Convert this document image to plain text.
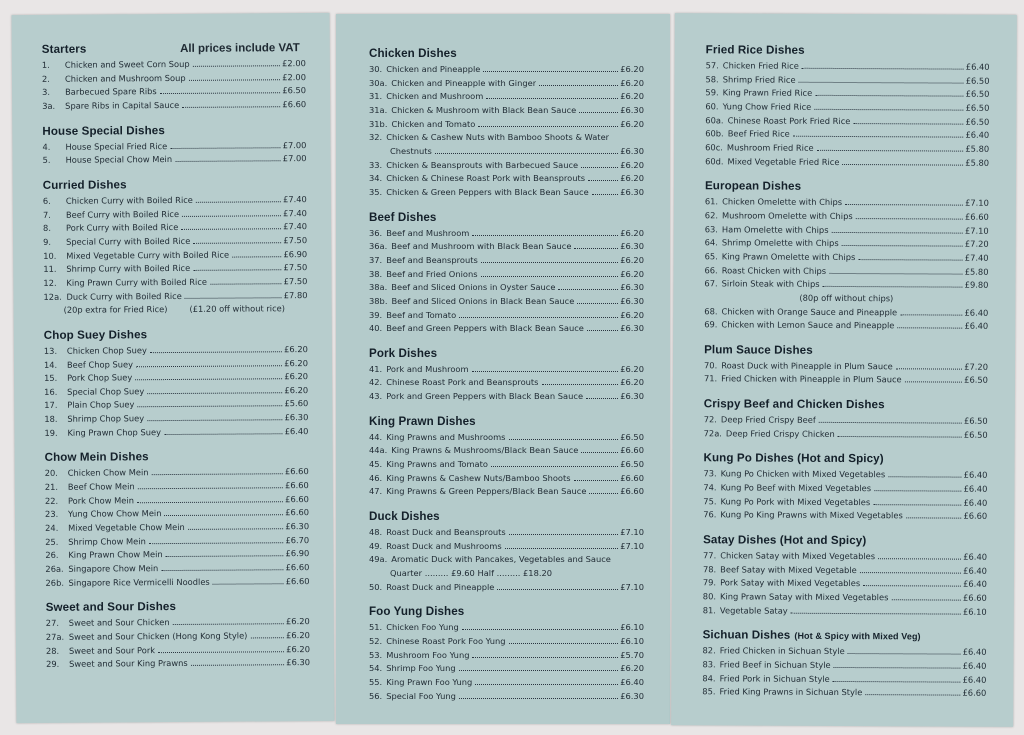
Starters	All prices include VAT
1.	Chicken and Sweet Corn Soup	£2.00
2.	Chicken and Mushroom Soup	£2.00
3.	Barbecued Spare Ribs	£6.50
3a.	Spare Ribs in Capital Sauce	£6.60
House Special Dishes
4.	House Special Fried Rice	£7.00
5.	House Special Chow Mein	£7.00
Curried Dishes
6.	Chicken Curry with Boiled Rice	£7.40
7.	Beef Curry with Boiled Rice	£7.40
8.	Pork Curry with Boiled Rice	£7.40
9.	Special Curry with Boiled Rice	£7.50
10.	Mixed Vegetable Curry with Boiled Rice	£6.90
11.	Shrimp Curry with Boiled Rice	£7.50
12.	King Prawn Curry with Boiled Rice	£7.50
12a. Duck Curry with Boiled Rice	£7.80
(20p extra for Fried Rice)	(£1.20 off without rice)
Chop Suey Dishes
13.	Chicken Chop Suey	£6.20
14.	Beef Chop Suey	£6.20
15.	Pork Chop Suey	£6.20
16.	Special Chop Suey	£6.20
17.	Plain Chop Suey	£5.60
18.	Shrimp Chop Suey	£6.30
19.	King Prawn Chop Suey	£6.40
Chow Mein Dishes
20.	Chicken Chow Mein	£6.60
21.	Beef Chow Mein	£6.60
22.	Pork Chow Mein	£6.60
23.	Yung Chow Chow Mein	£6.60
24.	Mixed Vegetable Chow Mein	£6.30
25.	Shrimp Chow Mein	£6.70
26.	King Prawn Chow Mein	£6.90
26a. Singapore Chow Mein	£6.60
26b. Singapore Rice Vermicelli Noodles	£6.60
Sweet and Sour Dishes
27.	Sweet and Sour Chicken	£6.20
27a. Sweet and Sour Chicken (Hong Kong Style)	£6.20
28.	Sweet and Sour Pork	£6.20
29.	Sweet and Sour King Prawns	£6.30
Chicken Dishes
30. Chicken and Pineapple	£6.20
30a. Chicken and Pineapple with Ginger	£6.20
31. Chicken and Mushroom	£6.20
31a. Chicken & Mushroom with Black Bean Sauce	£6.30
31b. Chicken and Tomato	£6.20
32. Chicken & Cashew Nuts with Bamboo Shoots & Water
Chestnuts	£6.30
33. Chicken & Beansprouts with Barbecued Sauce	£6.20
34. Chicken & Chinese Roast Pork with Beansprouts	£6.20
35. Chicken & Green Peppers with Black Bean Sauce	£6.30
Beef Dishes
36. Beef and Mushroom	£6.20
36a. Beef and Mushroom with Black Bean Sauce	£6.30
37. Beef and Beansprouts	£6.20
38. Beef and Fried Onions	£6.20
38a. Beef and Sliced Onions in Oyster Sauce	£6.30
38b. Beef and Sliced Onions in Black Bean Sauce	£6.30
39. Beef and Tomato	£6.20
40. Beef and Green Peppers with Black Bean Sauce	£6.30
Pork Dishes
41. Pork and Mushroom	£6.20
42. Chinese Roast Pork and Beansprouts	£6.20
43. Pork and Green Peppers with Black Bean Sauce	£6.30
King Prawn Dishes
44. King Prawns and Mushrooms	£6.50
44a. King Prawns & Mushrooms/Black Bean Sauce	£6.60
45. King Prawns and Tomato	£6.50
46. King Prawns & Cashew Nuts/Bamboo Shoots	£6.60
47. King Prawns & Green Peppers/Black Bean Sauce	£6.60
Duck Dishes
48. Roast Duck and Beansprouts	£7.10
49. Roast Duck and Mushrooms	£7.10
49a. Aromatic Duck with Pancakes, Vegetables and Sauce
Quarter ......... £9.60 Half ......... £18.20
50. Roast Duck and Pineapple	£7.10
Foo Yung Dishes
51. Chicken Foo Yung	£6.10
52. Chinese Roast Pork Foo Yung	£6.10
53. Mushroom Foo Yung	£5.70
54. Shrimp Foo Yung	£6.20
55. King Prawn Foo Yung	£6.40
56. Special Foo Yung	£6.30
Fried Rice Dishes
57. Chicken Fried Rice	£6.40
58. Shrimp Fried Rice	£6.50
59. King Prawn Fried Rice	£6.50
60. Yung Chow Fried Rice	£6.50
60a. Chinese Roast Pork Fried Rice	£6.50
60b. Beef Fried Rice	£6.40
60c. Mushroom Fried Rice	£5.80
60d. Mixed Vegetable Fried Rice	£5.80
European Dishes
61. Chicken Omelette with Chips	£7.10
62. Mushroom Omelette with Chips	£6.60
63. Ham Omelette with Chips	£7.10
64. Shrimp Omelette with Chips	£7.20
65. King Prawn Omelette with Chips	£7.40
66. Roast Chicken with Chips	£5.80
67. Sirloin Steak with Chips	£9.80
(80p off without chips)
68. Chicken with Orange Sauce and Pineapple	£6.40
69. Chicken with Lemon Sauce and Pineapple	£6.40
Plum Sauce Dishes
70. Roast Duck with Pineapple in Plum Sauce	£7.20
71. Fried Chicken with Pineapple in Plum Sauce	£6.50
Crispy Beef and Chicken Dishes
72. Deep Fried Crispy Beef	£6.50
72a. Deep Fried Crispy Chicken	£6.50
Kung Po Dishes (Hot and Spicy)
73. Kung Po Chicken with Mixed Vegetables	£6.40
74. Kung Po Beef with Mixed Vegetables	£6.40
75. Kung Po Pork with Mixed Vegetables	£6.40
76. Kung Po King Prawns with Mixed Vegetables	£6.60
Satay Dishes (Hot and Spicy)
77. Chicken Satay with Mixed Vegetables	£6.40
78. Beef Satay with Mixed Vegetable	£6.40
79. Pork Satay with Mixed Vegetables	£6.40
80. King Prawn Satay with Mixed Vegetables	£6.60
81. Vegetable Satay	£6.10
Sichuan Dishes (Hot & Spicy with Mixed Veg)
82. Fried Chicken in Sichuan Style	£6.40
83. Fried Beef in Sichuan Style	£6.40
84. Fried Pork in Sichuan Style	£6.40
85. Fried King Prawns in Sichuan Style	£6.60
